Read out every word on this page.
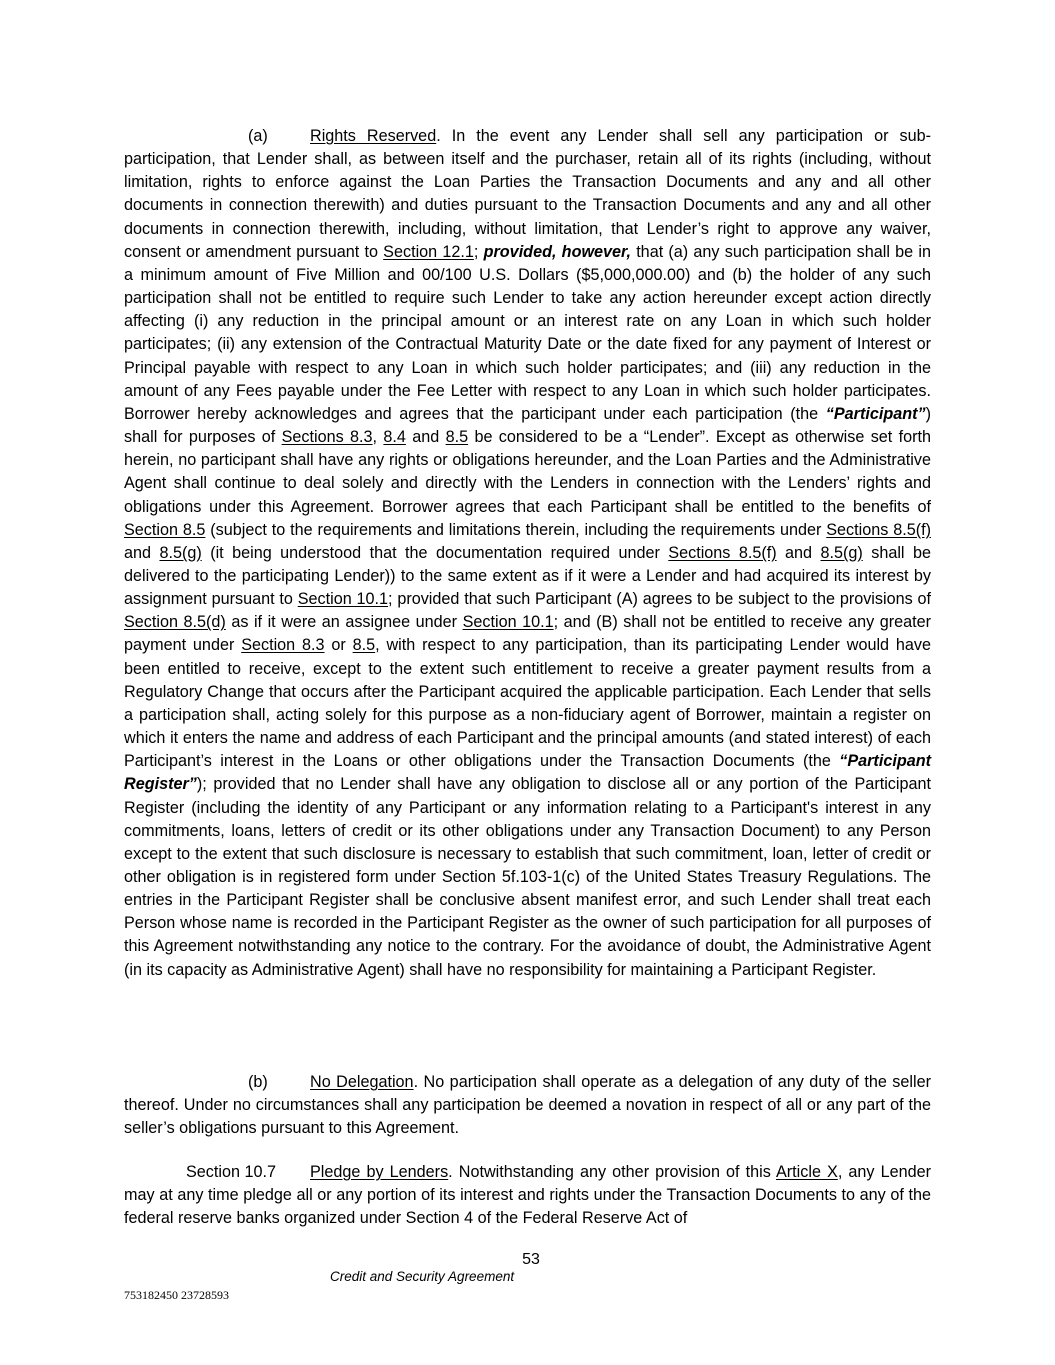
(a)	Rights Reserved. In the event any Lender shall sell any participation or sub-participation, that Lender shall, as between itself and the purchaser, retain all of its rights (including, without limitation, rights to enforce against the Loan Parties the Transaction Documents and any and all other documents in connection therewith) and duties pursuant to the Transaction Documents and any and all other documents in connection therewith, including, without limitation, that Lender’s right to approve any waiver, consent or amendment pursuant to Section 12.1; provided, however, that (a) any such participation shall be in a minimum amount of Five Million and 00/100 U.S. Dollars ($5,000,000.00) and (b) the holder of any such participation shall not be entitled to require such Lender to take any action hereunder except action directly affecting (i) any reduction in the principal amount or an interest rate on any Loan in which such holder participates; (ii) any extension of the Contractual Maturity Date or the date fixed for any payment of Interest or Principal payable with respect to any Loan in which such holder participates; and (iii) any reduction in the amount of any Fees payable under the Fee Letter with respect to any Loan in which such holder participates. Borrower hereby acknowledges and agrees that the participant under each participation (the “Participant”) shall for purposes of Sections 8.3, 8.4 and 8.5 be considered to be a “Lender”. Except as otherwise set forth herein, no participant shall have any rights or obligations hereunder, and the Loan Parties and the Administrative Agent shall continue to deal solely and directly with the Lenders in connection with the Lenders’ rights and obligations under this Agreement. Borrower agrees that each Participant shall be entitled to the benefits of Section 8.5 (subject to the requirements and limitations therein, including the requirements under Sections 8.5(f) and 8.5(g) (it being understood that the documentation required under Sections 8.5(f) and 8.5(g) shall be delivered to the participating Lender)) to the same extent as if it were a Lender and had acquired its interest by assignment pursuant to Section 10.1; provided that such Participant (A) agrees to be subject to the provisions of Section 8.5(d) as if it were an assignee under Section 10.1; and (B) shall not be entitled to receive any greater payment under Section 8.3 or 8.5, with respect to any participation, than its participating Lender would have been entitled to receive, except to the extent such entitlement to receive a greater payment results from a Regulatory Change that occurs after the Participant acquired the applicable participation. Each Lender that sells a participation shall, acting solely for this purpose as a non-fiduciary agent of Borrower, maintain a register on which it enters the name and address of each Participant and the principal amounts (and stated interest) of each Participant’s interest in the Loans or other obligations under the Transaction Documents (the “Participant Register”); provided that no Lender shall have any obligation to disclose all or any portion of the Participant Register (including the identity of any Participant or any information relating to a Participant's interest in any commitments, loans, letters of credit or its other obligations under any Transaction Document) to any Person except to the extent that such disclosure is necessary to establish that such commitment, loan, letter of credit or other obligation is in registered form under Section 5f.103-1(c) of the United States Treasury Regulations. The entries in the Participant Register shall be conclusive absent manifest error, and such Lender shall treat each Person whose name is recorded in the Participant Register as the owner of such participation for all purposes of this Agreement notwithstanding any notice to the contrary. For the avoidance of doubt, the Administrative Agent (in its capacity as Administrative Agent) shall have no responsibility for maintaining a Participant Register.

(b)	No Delegation. No participation shall operate as a delegation of any duty of the seller thereof. Under no circumstances shall any participation be deemed a novation in respect of all or any part of the seller’s obligations pursuant to this Agreement.

Section 10.7 Pledge by Lenders. Notwithstanding any other provision of this Article X, any Lender may at any time pledge all or any portion of its interest and rights under the Transaction Documents to any of the federal reserve banks organized under Section 4 of the Federal Reserve Act of

53
Credit and Security Agreement
753182450 23728593
